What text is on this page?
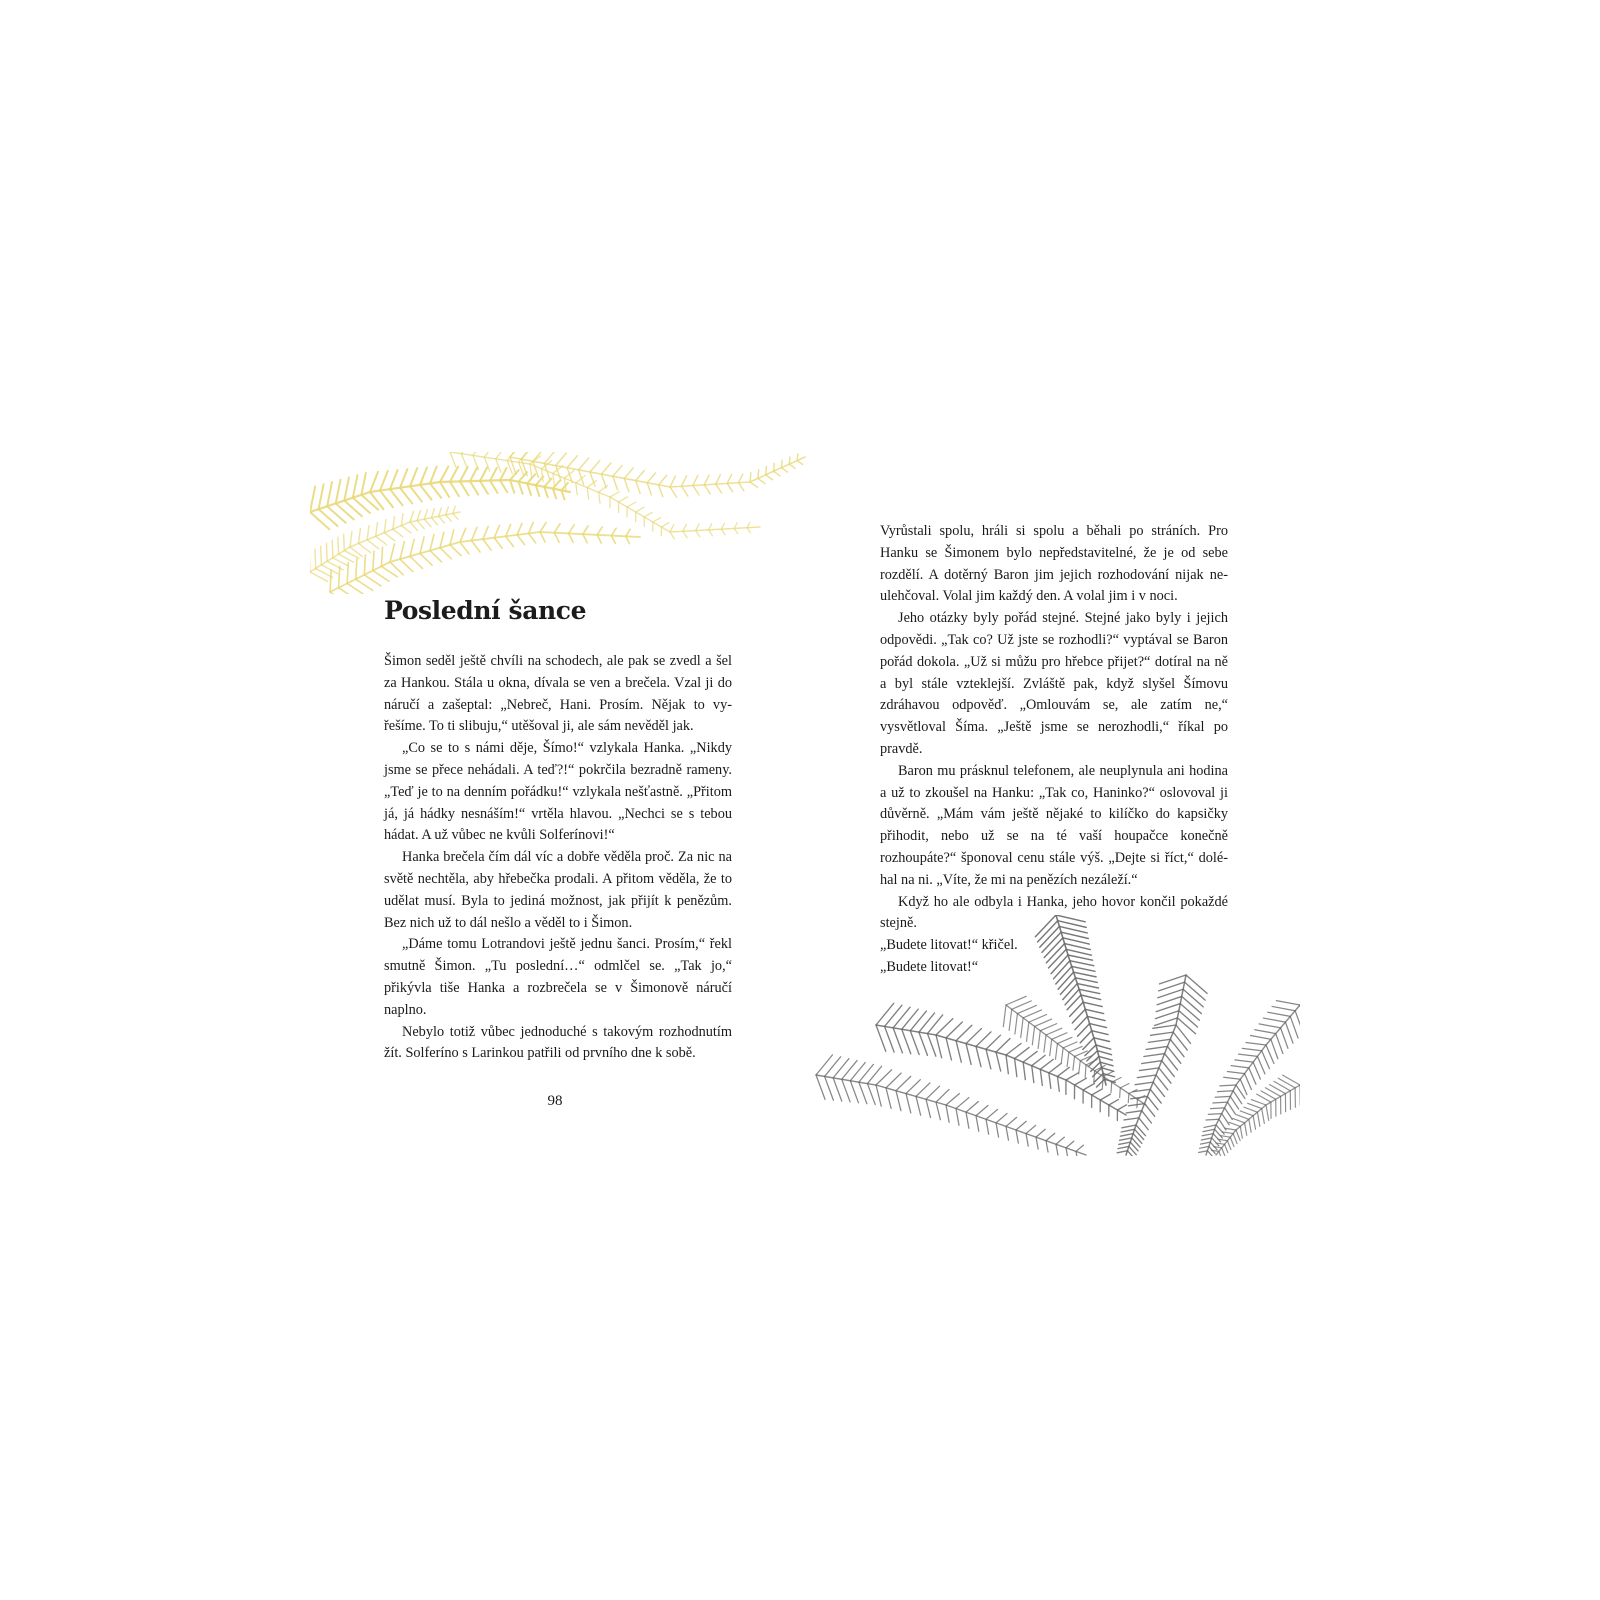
Poslední šance

Šimon seděl ještě chvíli na schodech, ale pak se zvedl a šel za Hankou. Stála u okna, dívala se ven a brečela. Vzal ji do náručí a zašeptal: „Nebreč, Hani. Prosím. Nějak to vyřešíme. To ti slibuju,“ utěšoval ji, ale sám nevěděl jak.

„Co se to s námi děje, Šímo!“ vzlykala Hanka. „Nikdy jsme se přece nehádali. A teď?!“ pokrčila bezradně rameny. „Teď je to na denním pořádku!“ vzlykala nešťastně. „Přitom já, já hádky nesnáším!“ vrtěla hlavou. „Nechci se s tebou hádat. A už vůbec ne kvůli Solferínovi!“

Hanka brečela čím dál víc a dobře věděla proč. Za nic na světě nechtěla, aby hřebečka prodali. A přitom věděla, že to udělat musí. Byla to jediná možnost, jak přijít k penězům. Bez nich už to dál nešlo a věděl to i Šimon.

„Dáme tomu Lotrandovi ještě jednu šanci. Prosím,“ řekl smutně Šimon. „Tu poslední…“ odmlčel se. „Tak jo,“ přikývla tiše Hanka a rozbrečela se v Šimonově náručí naplno.

Nebylo totiž vůbec jednoduché s takovým rozhodnutím žít. Solferíno s Larinkou patřili od prvního dne k sobě.

98

Vyrůstali spolu, hráli si spolu a běhali po stráních. Pro Hanku se Šimonem bylo nepředstavitelné, že je od sebe rozdělí. A dotěrný Baron jim jejich rozhodování nijak neulehčoval. Volal jim každý den. A volal jim i v noci.

Jeho otázky byly pořád stejné. Stejné jako byly i jejich odpovědi. „Tak co? Už jste se rozhodli?“ vyptával se Baron pořád dokola. „Už si můžu pro hřebce přijet?“ dotíral na ně a byl stále vzteklejší. Zvláště pak, když slyšel Šímovu zdráhavou odpověď. „Omlouvám se, ale zatím ne,“ vysvětloval Šíma. „Ještě jsme se nerozhodli,“ říkal po pravdě.

Baron mu prásknul telefonem, ale neuplynula ani hodina a už to zkoušel na Hanku: „Tak co, Haninko?“ oslovoval ji důvěrně. „Mám vám ještě nějaké to kilíčko do kapsičky přihodit, nebo už se na té vaší houpačce konečně rozhoupáte?“ šponoval cenu stále výš. „Dejte si říct,“ doléhal na ni. „Víte, že mi na penězích nezáleží.“

Když ho ale odbyla i Hanka, jeho hovor končil pokaždé stejně.

„Budete litovat!“ křičel.

„Budete litovat!“
